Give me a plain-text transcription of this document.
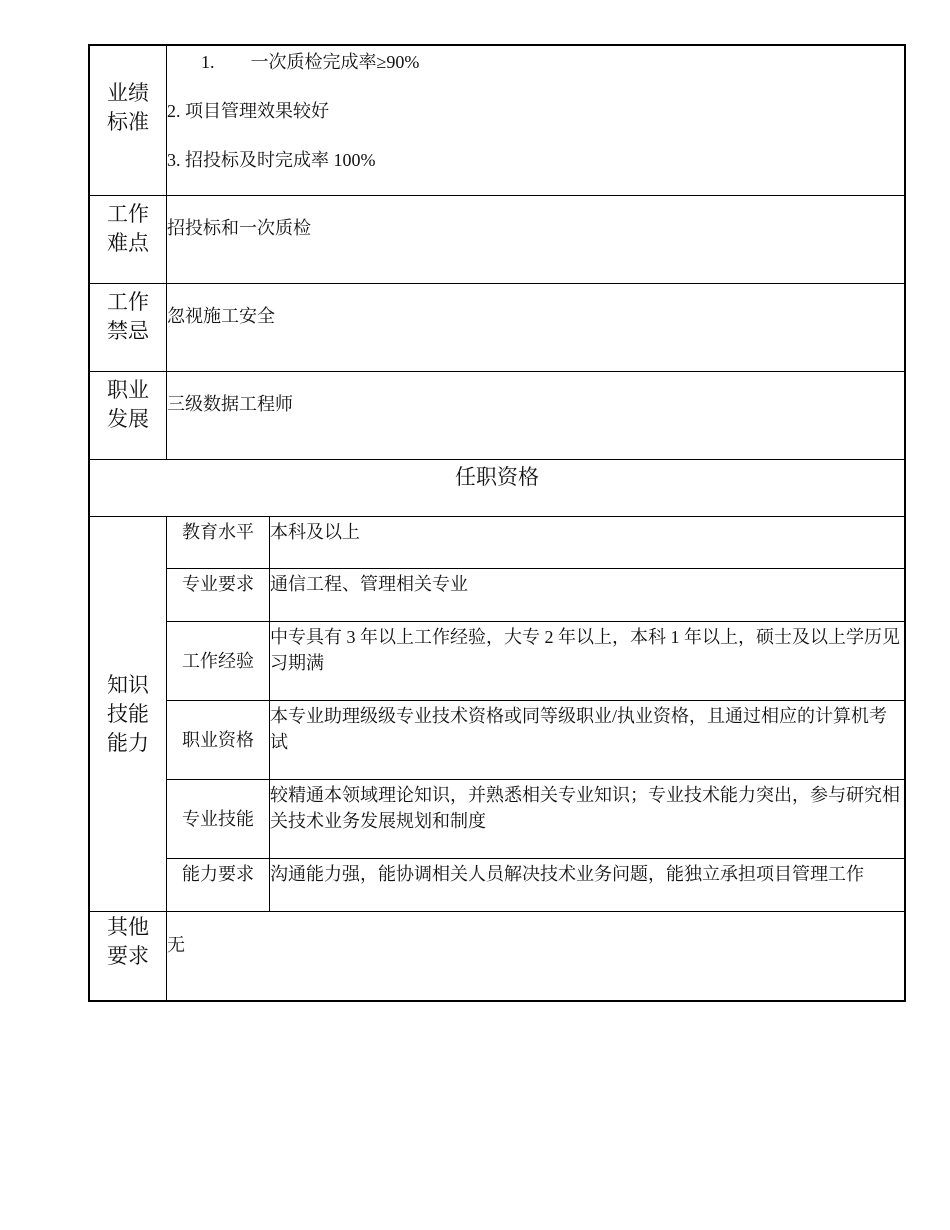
业绩标准
1.　　一次质检完成率≥90%
2. 项目管理效果较好
3. 招投标及时完成率 100%
工作难点
招投标和一次质检
工作禁忌
忽视施工安全
职业发展
三级数据工程师
任职资格
知识技能能力
教育水平 本科及以上
专业要求 通信工程、管理相关专业
工作经验
中专具有 3 年以上工作经验，大专 2 年以上，本科 1 年以上，硕士及以上学历见习期满
职业资格
本专业助理级级专业技术资格或同等级职业/执业资格，且通过相应的计算机考试
专业技能
较精通本领域理论知识，并熟悉相关专业知识；专业技术能力突出，参与研究相关技术业务发展规划和制度
能力要求 沟通能力强，能协调相关人员解决技术业务问题，能独立承担项目管理工作
其他要求 无
